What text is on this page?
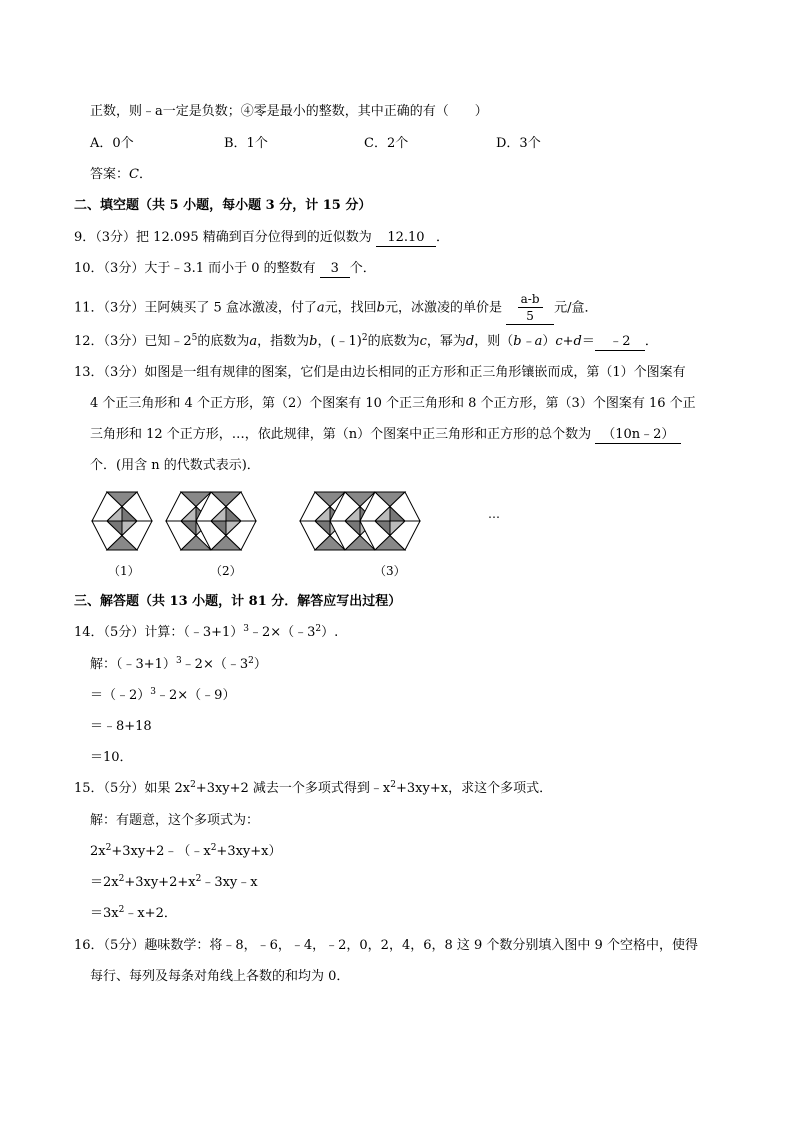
正数，则﹣a一定是负数；④零是最小的整数，其中正确的有（　　）
A．0个	B．1个	C．2个	D．3个
答案：C．
二、填空题（共 5 小题，每小题 3 分，计 15 分）
9．（3分）把 12.095 精确到百分位得到的近似数为 12.10 ．
10．（3分）大于﹣3.1 而小于 0 的整数有 3 个．
11．（3分）王阿姨买了 5 盒冰激凌，付了a元，找回b元，冰激凌的单价是 $\frac{a-b}{5}$ 元/盒．
12．（3分）已知$﹣2^5$的底数为a，指数为b，(﹣1)$^2$的底数为c，幂为d，则（b﹣a）c+d＝ ﹣2 ．
13．（3分）如图是一组有规律的图案，它们是由边长相同的正方形和正三角形镶嵌而成，第（1）个图案有
4 个正三角形和 4 个正方形，第（2）个图案有 10 个正三角形和 8 个正方形，第（3）个图案有 16 个正
三角形和 12 个正方形，…，依此规律，第（n）个图案中正三角形和正方形的总个数为 （10n﹣2）
个．(用含 n 的代数式表示)．
（1）	（2）	（3）
…
三、解答题（共 13 小题，计 81 分．解答应写出过程）
14．（5分）计算：$(﹣3+1)^3﹣2\times(﹣3^2)$.
解：$(﹣3+1)^3﹣2\times(﹣3^2)$
＝（﹣2）$^3$﹣2×（﹣9）
＝﹣8+18
＝10．
15．（5分）如果 $2x^2+3xy+2$ 减去一个多项式得到$﹣x^2+3xy+x$，求这个多项式．
解：有题意，这个多项式为：
$2x^2+3xy+2﹣(﹣x^2+3xy+x)$
$=2x^2+3xy+2+x^2﹣3xy﹣x$
$=3x^2﹣x+2$．
16．（5分）趣味数学：将﹣8，﹣6，﹣4，﹣2，0，2，4，6，8 这 9 个数分别填入图中 9 个空格中，使得
每行、每列及每条对角线上各数的和均为 0．
